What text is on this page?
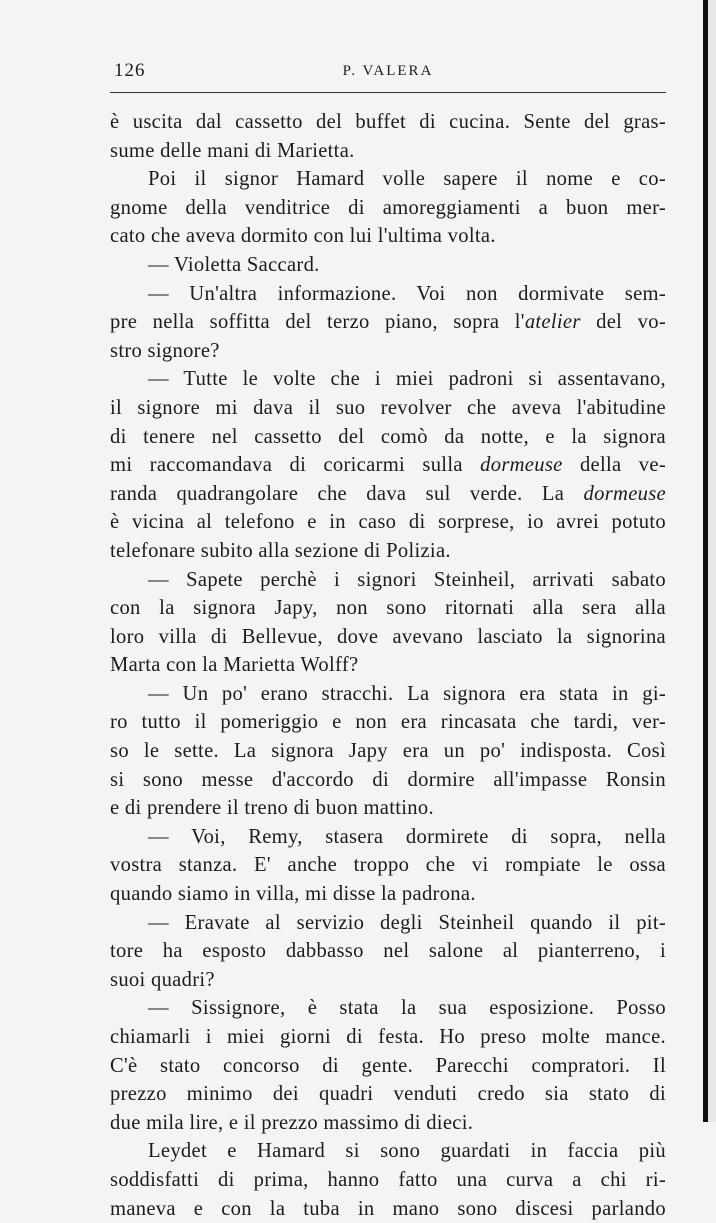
126	P. VALERA
è uscita dal cassetto del buffet di cucina. Sente del gras-
sume delle mani di Marietta.
Poi il signor Hamard volle sapere il nome e co-
gnome della venditrice di amoreggiamenti a buon mer-
cato che aveva dormito con lui l'ultima volta.
— Violetta Saccard.
— Un'altra informazione. Voi non dormivate sem-
pre nella soffitta del terzo piano, sopra l'atelier del vo-
stro signore?
— Tutte le volte che i miei padroni si assentavano,
il signore mi dava il suo revolver che aveva l'abitudine
di tenere nel cassetto del comò da notte, e la signora
mi raccomandava di coricarmi sulla dormeuse della ve-
randa quadrangolare che dava sul verde. La dormeuse
è vicina al telefono e in caso di sorprese, io avrei potuto
telefonare subito alla sezione di Polizia.
— Sapete perchè i signori Steinheil, arrivati sabato
con la signora Japy, non sono ritornati alla sera alla
loro villa di Bellevue, dove avevano lasciato la signorina
Marta con la Marietta Wolff?
— Un po' erano stracchi. La signora era stata in gi-
ro tutto il pomeriggio e non era rincasata che tardi, ver-
so le sette. La signora Japy era un po' indisposta. Così
si sono messe d'accordo di dormire all'impasse Ronsin
e di prendere il treno di buon mattino.
— Voi, Remy, stasera dormirete di sopra, nella
vostra stanza. E' anche troppo che vi rompiate le ossa
quando siamo in villa, mi disse la padrona.
— Eravate al servizio degli Steinheil quando il pit-
tore ha esposto dabbasso nel salone al pianterreno, i
suoi quadri?
— Sissignore, è stata la sua esposizione. Posso
chiamarli i miei giorni di festa. Ho preso molte mance.
C'è stato concorso di gente. Parecchi compratori. Il
prezzo minimo dei quadri venduti credo sia stato di
due mila lire, e il prezzo massimo di dieci.
Leydet e Hamard si sono guardati in faccia più
soddisfatti di prima, hanno fatto una curva a chi ri-
maneva e con la tuba in mano sono discesi parlando
